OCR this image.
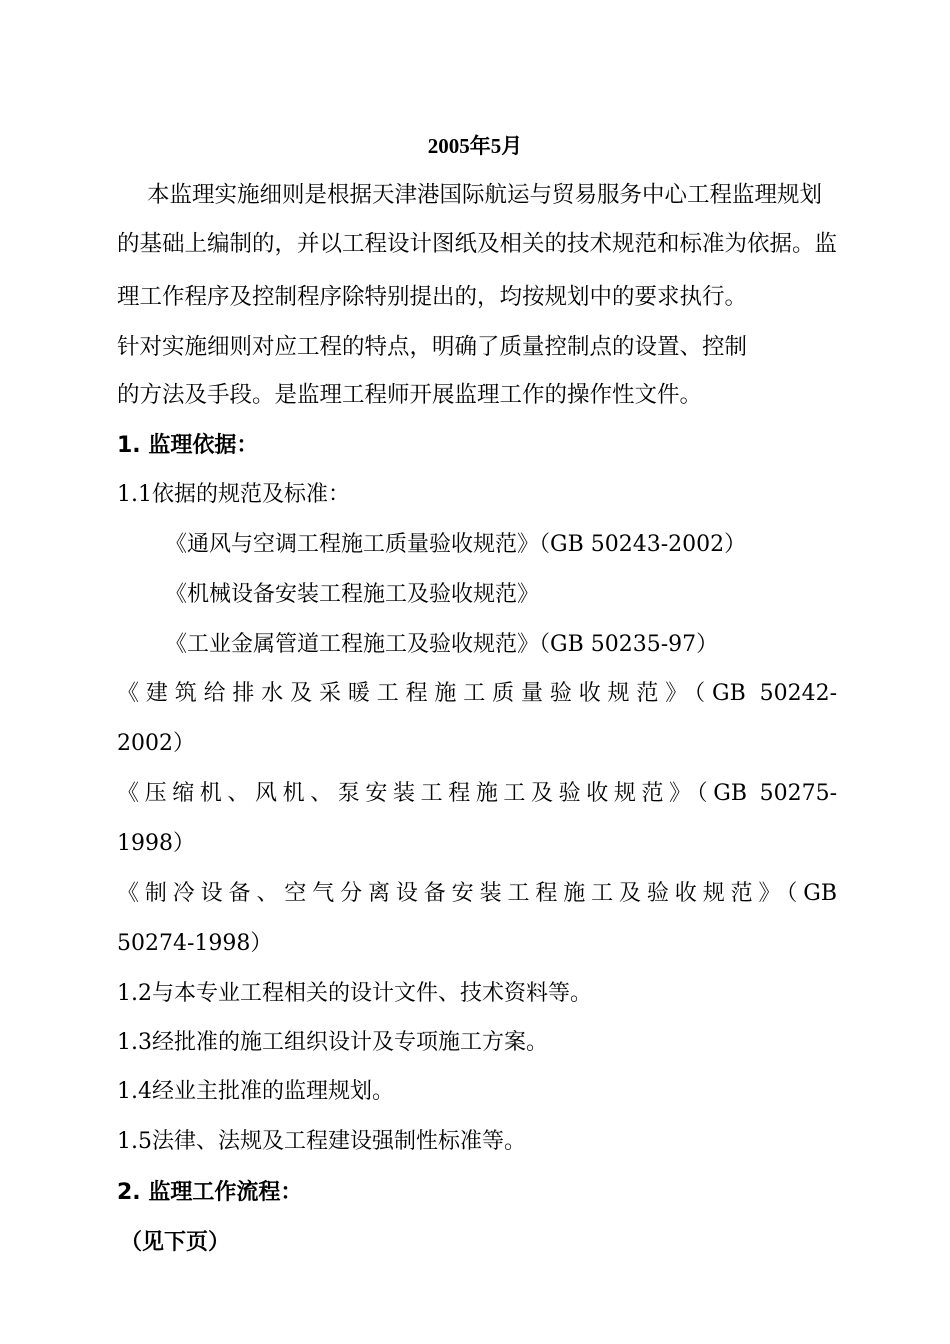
2005年5月
本监理实施细则是根据天津港国际航运与贸易服务中心工程监理规划
的基础上编制的，并以工程设计图纸及相关的技术规范和标准为依据。监
理工作程序及控制程序除特别提出的，均按规划中的要求执行。
针对实施细则对应工程的特点，明确了质量控制点的设置、控制
的方法及手段。是监理工程师开展监理工作的操作性文件。
1. 监理依据：
1.1依据的规范及标准：
《通风与空调工程施工质量验收规范》（GB 50243-2002）
《机械设备安装工程施工及验收规范》
《工业金属管道工程施工及验收规范》（GB 50235-97）
《建筑给排水及采暖工程施工质量验收规范》（GB 50242-
2002）
《压缩机、风机、泵安装工程施工及验收规范》（GB 50275-
1998）
《制冷设备、空气分离设备安装工程施工及验收规范》（GB
50274-1998）
1.2与本专业工程相关的设计文件、技术资料等。
1.3经批准的施工组织设计及专项施工方案。
1.4经业主批准的监理规划。
1.5法律、法规及工程建设强制性标准等。
2. 监理工作流程：
（见下页）
